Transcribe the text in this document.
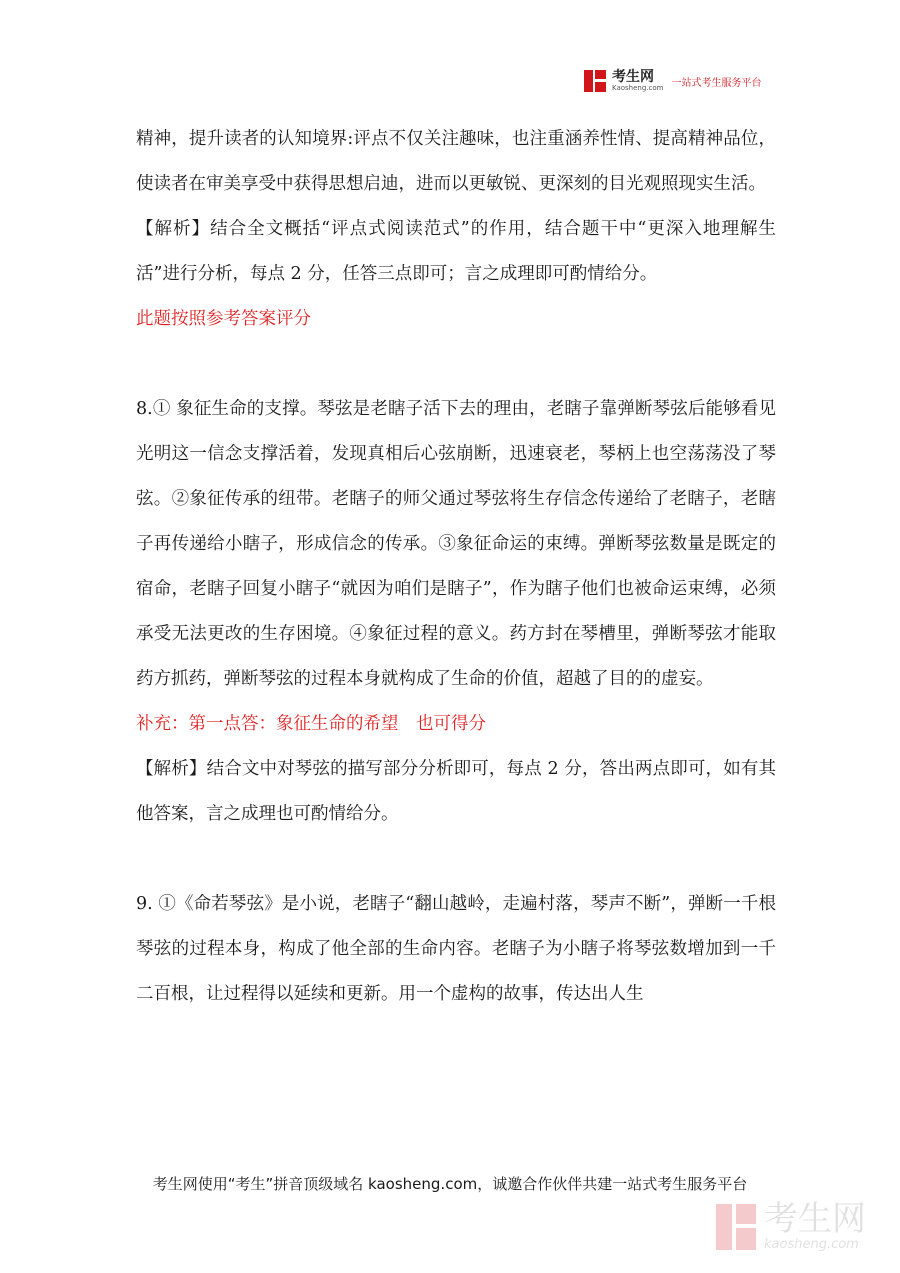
考生网
Kaosheng.com 一站式考生服务平台

精神，提升读者的认知境界:评点不仅关注趣味，也注重涵养性情、提高精神品位，使读者在审美享受中获得思想启迪，进而以更敏锐、更深刻的目光观照现实生活。

【解析】结合全文概括“评点式阅读范式”的作用，结合题干中“更深入地理解生活”进行分析，每点 2 分，任答三点即可；言之成理即可酌情给分。

此题按照参考答案评分

8.① 象征生命的支撑。琴弦是老瞎子活下去的理由，老瞎子靠弹断琴弦后能够看见光明这一信念支撑活着，发现真相后心弦崩断，迅速衰老，琴柄上也空荡荡没了琴弦。②象征传承的纽带。老瞎子的师父通过琴弦将生存信念传递给了老瞎子，老瞎子再传递给小瞎子，形成信念的传承。③象征命运的束缚。弹断琴弦数量是既定的宿命，老瞎子回复小瞎子“就因为咱们是瞎子”，作为瞎子他们也被命运束缚，必须承受无法更改的生存困境。④象征过程的意义。药方封在琴槽里，弹断琴弦才能取药方抓药，弹断琴弦的过程本身就构成了生命的价值，超越了目的的虚妄。

补充：第一点答：象征生命的希望　也可得分

【解析】结合文中对琴弦的描写部分分析即可，每点 2 分，答出两点即可，如有其他答案，言之成理也可酌情给分。

9. ①《命若琴弦》是小说，老瞎子“翻山越岭，走遍村落，琴声不断”，弹断一千根琴弦的过程本身，构成了他全部的生命内容。老瞎子为小瞎子将琴弦数增加到一千二百根，让过程得以延续和更新。用一个虚构的故事，传达出人生

考生网使用“考生”拼音顶级域名 kaosheng.com，诚邀合作伙伴共建一站式考生服务平台
考生网
kaosheng.com
